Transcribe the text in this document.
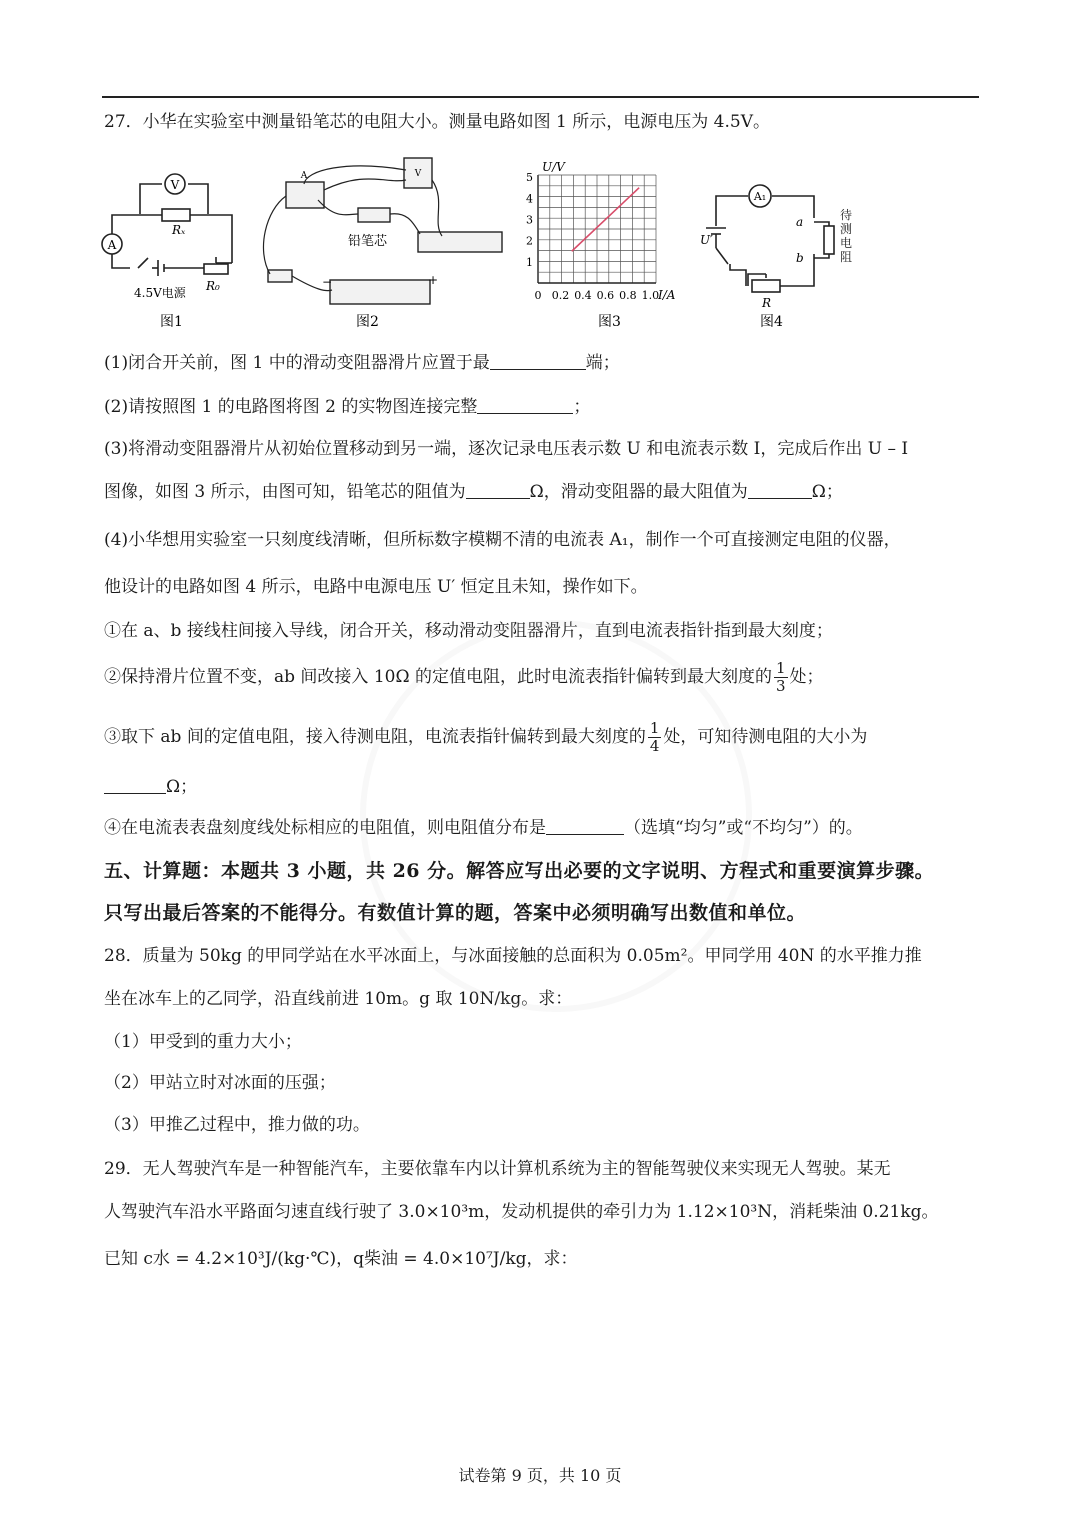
27．小华在实验室中测量铅笔芯的电阻大小。测量电路如图 1 所示，电源电压为 4.5V。
V
A
Rₓ
4.5V电源 R₀
图1
A	V
铅笔芯
−	+
图2
0 0.2 0.4 0.6 0.8 1.0
1
2
3
4
5
U/V
I/A
图3
A₁
U′
a
b
待测电阻
R
图4
(1)闭合开关前，图 1 中的滑动变阻器滑片应置于最	端；
(2)请按照图 1 的电路图将图 2 的实物图连接完整	；
(3)将滑动变阻器滑片从初始位置移动到另一端，逐次记录电压表示数 U 和电流表示数 I，完成后作出 U – I
图像，如图 3 所示，由图可知，铅笔芯的阻值为	Ω，滑动变阻器的最大阻值为	Ω；
(4)小华想用实验室一只刻度线清晰，但所标数字模糊不清的电流表 A₁，制作一个可直接测定电阻的仪器，
他设计的电路如图 4 所示，电路中电源电压 U′ 恒定且未知，操作如下。
①在 a、b 接线柱间接入导线，闭合开关，移动滑动变阻器滑片，直到电流表指针指到最大刻度；
②保持滑片位置不变，ab 间改接入 10Ω 的定值电阻，此时电流表指针偏转到最大刻度的 $\frac{1}{3}$ 处；
③取下 ab 间的定值电阻，接入待测电阻，电流表指针偏转到最大刻度的 $\frac{1}{4}$ 处，可知待测电阻的大小为
Ω；
④在电流表表盘刻度线处标相应的电阻值，则电阻值分布是	（选填“均匀”或“不均匀”）的。
五、计算题：本题共 3 小题，共 26 分。解答应写出必要的文字说明、方程式和重要演算步骤。
只写出最后答案的不能得分。有数值计算的题，答案中必须明确写出数值和单位。
28．质量为 50kg 的甲同学站在水平冰面上，与冰面接触的总面积为 0.05m²。甲同学用 40N 的水平推力推
坐在冰车上的乙同学，沿直线前进 10m。g 取 10N/kg。求：
（1）甲受到的重力大小；
（2）甲站立时对冰面的压强；
（3）甲推乙过程中，推力做的功。
29．无人驾驶汽车是一种智能汽车，主要依靠车内以计算机系统为主的智能驾驶仪来实现无人驾驶。某无
人驾驶汽车沿水平路面匀速直线行驶了 3.0×10³m，发动机提供的牵引力为 1.12×10³N，消耗柴油 0.21kg。
已知 c水 = 4.2×10³J/(kg·℃)，q柴油 = 4.0×10⁷J/kg，求：
试卷第 9 页，共 10 页
